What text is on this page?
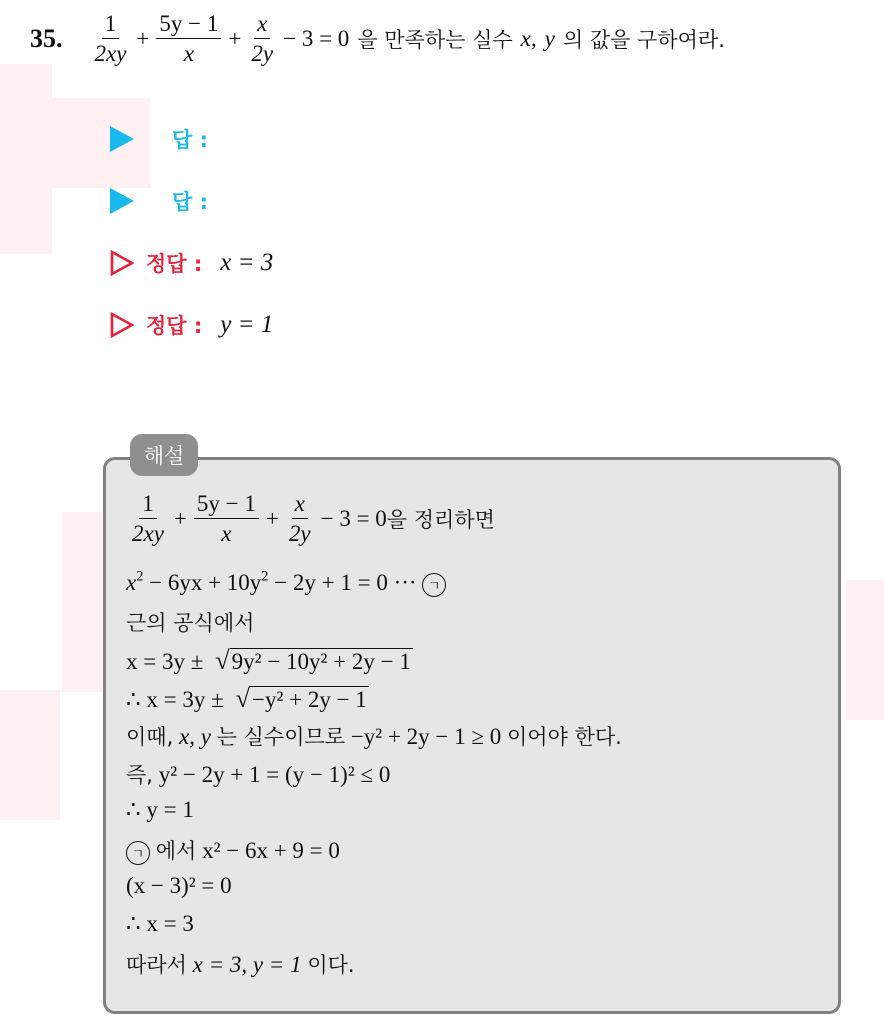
35. $\frac{1}{2xy} + \frac{5y - 1}{x} + \frac{x}{2y} - 3 = 0$ 을 만족하는 실수 x, y 의 값을 구하여라.
답 :
답 :
정답 : x = 3
정답 : y = 1
해설
$\frac{1}{2xy} + \frac{5y - 1}{x} + \frac{x}{2y} - 3 = 0$ 을 정리하면
$x^2 - 6yx + 10y^2 - 2y + 1 = 0$ ··· ㄱ
근의 공식에서
x = 3y ± √9y² − 10y² + 2y − 1
∴ x = 3y ± √−y² + 2y − 1
이때, x, y 는 실수이므로 −y² + 2y − 1 ≥ 0 이어야 한다.
즉, y² − 2y + 1 = (y − 1)² ≤ 0
∴ y = 1
ㄱ 에서 x² − 6x + 9 = 0
(x − 3)² = 0
∴ x = 3
따라서 x = 3, y = 1 이다.
